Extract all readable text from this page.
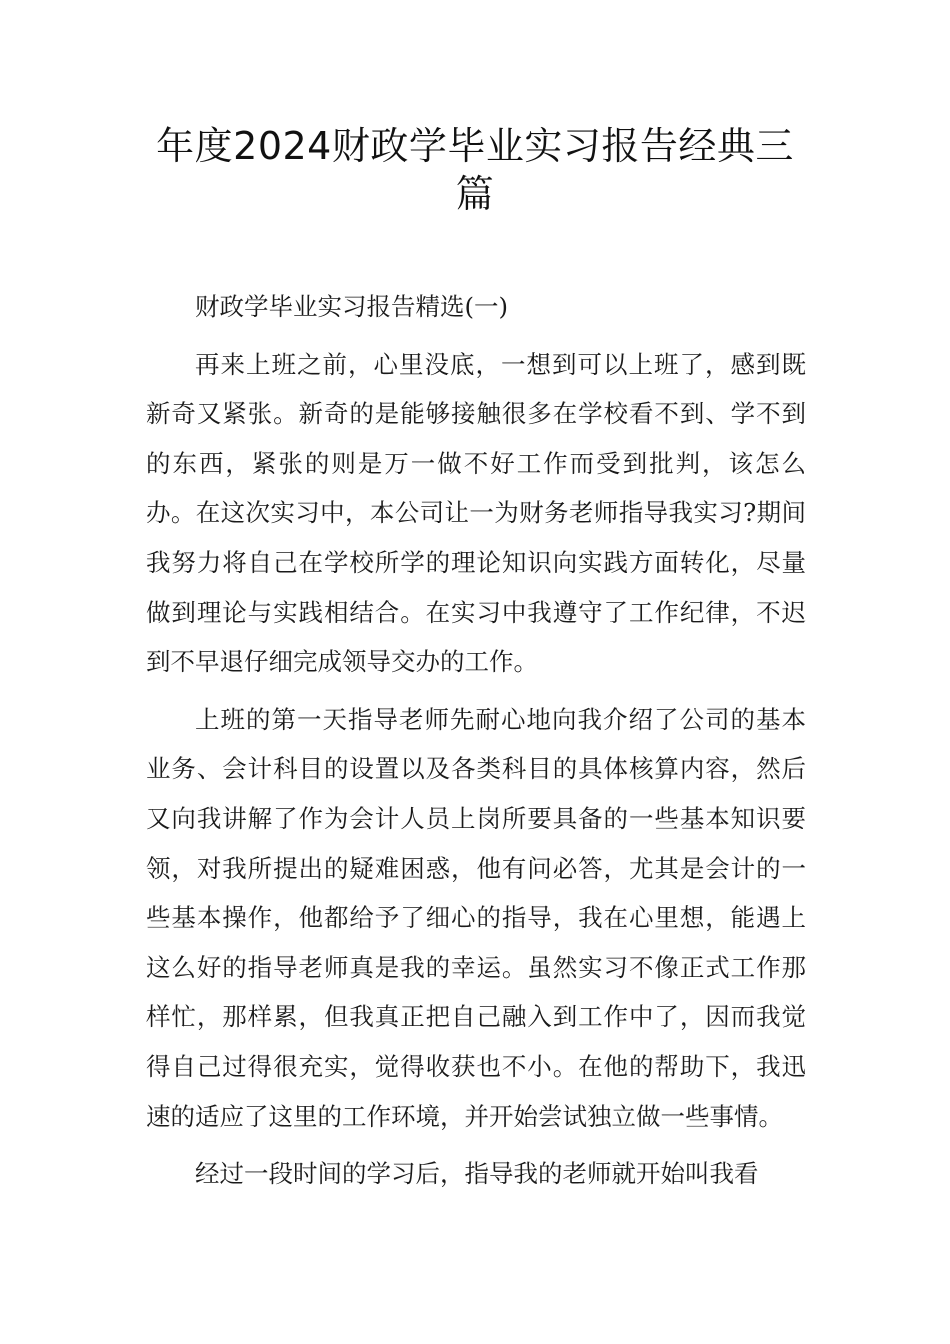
年度2024财政学毕业实习报告经典三篇

财政学毕业实习报告精选(一)

再来上班之前，心里没底，一想到可以上班了，感到既新奇又紧张。新奇的是能够接触很多在学校看不到、学不到的东西，紧张的则是万一做不好工作而受到批判，该怎么办。在这次实习中，本公司让一为财务老师指导我实习?期间我努力将自己在学校所学的理论知识向实践方面转化，尽量做到理论与实践相结合。在实习中我遵守了工作纪律，不迟到不早退仔细完成领导交办的工作。

上班的第一天指导老师先耐心地向我介绍了公司的基本业务、会计科目的设置以及各类科目的具体核算内容，然后又向我讲解了作为会计人员上岗所要具备的一些基本知识要领，对我所提出的疑难困惑，他有问必答，尤其是会计的一些基本操作，他都给予了细心的指导，我在心里想，能遇上这么好的指导老师真是我的幸运。虽然实习不像正式工作那样忙，那样累，但我真正把自己融入到工作中了，因而我觉得自己过得很充实，觉得收获也不小。在他的帮助下，我迅速的适应了这里的工作环境，并开始尝试独立做一些事情。

经过一段时间的学习后，指导我的老师就开始叫我看
